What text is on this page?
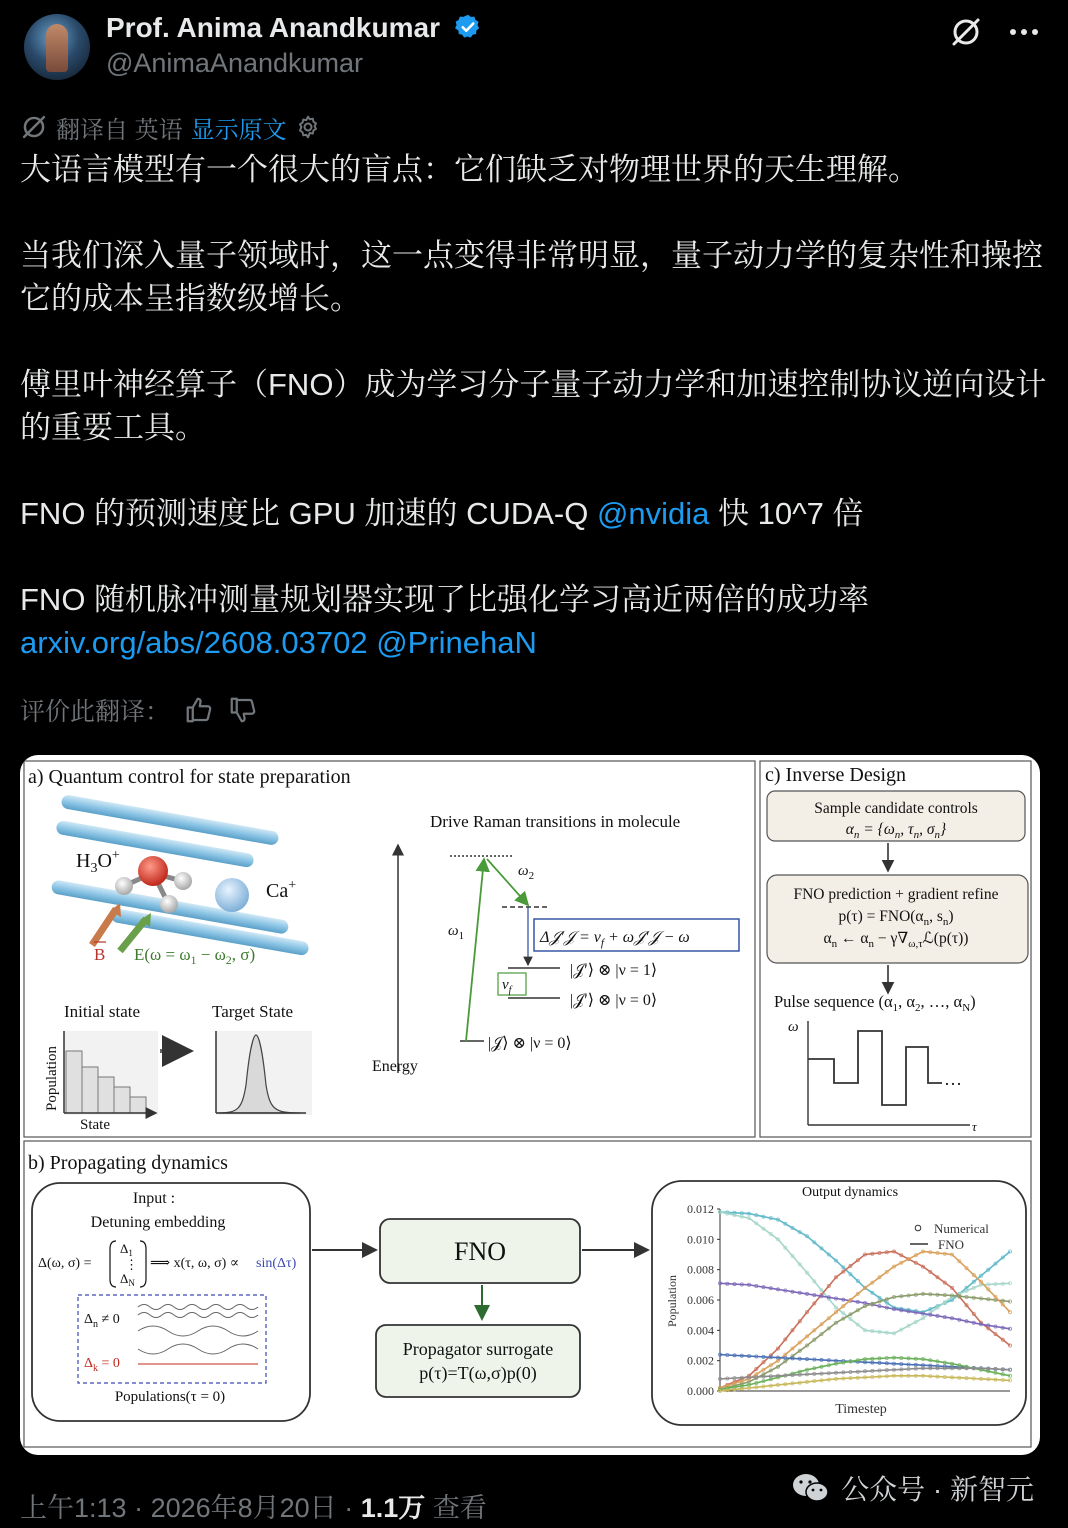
Prof. Anima Anandkumar
@AnimaAnandkumar
翻译自 英语 显示原文

大语言模型有一个很大的盲点：它们缺乏对物理世界的天生理解。

当我们深入量子领域时，这一点变得非常明显，量子动力学的复杂性和操控它的成本呈指数级增长。

傅里叶神经算子（FNO）成为学习分子量子动力学和加速控制协议逆向设计的重要工具。

FNO 的预测速度比 GPU 加速的 CUDA-Q @nvidia 快 10^7 倍

FNO 随机脉冲测量规划器实现了比强化学习高近两倍的成功率
arxiv.org/abs/2608.03702 @PrinehaN

评价此翻译：
a) Quantum control for state preparation
$H_3O^+$
Ca+
B $E(\omega = \omega_1 - \omega_2$, σ)
Initial state	Target State
Population
State
Drive Raman transitions in molecule
Energy
$\omega_1$
$\omega_2$
Δ𝒥′𝒥 = $\nu_f$ + ω𝒥′𝒥 − ω
$\nu_f$
|𝒥′⟩ ⊗ |ν = 1⟩
|𝒥′⟩ ⊗ |ν = 0⟩
|𝒥⟩ ⊗ |ν = 0⟩
c) Inverse Design
Sample candidate controls
$\alpha_n = \{\omega_n$, $\tau_n$, $\sigma_n$}
FNO prediction + gradient refine
$p(\tau) = FNO(\alpha_n$, $s_n$)
$\alpha_n$ ← $\alpha_n$ − $\gamma\nabla_{\omega,\tau}ℒ(p(\tau))$
Pulse sequence ($\alpha_1$, $\alpha_2$, …, $\alpha_N$)
ω
τ
…
b) Propagating dynamics
Input :
Detuning embedding
Δ(ω, σ) =
$\Delta_1$
⋮
$\Delta_N$
⟹ x(τ, ω, σ) ∝ sin(Δτ)
$\Delta_n \ne 0$
$\Delta_k = 0$
Populations(τ = 0)
FNO
Propagator surrogate
p(τ)=T(ω,σ)p(0)
Output dynamics
0.000
0.002
0.004
0.006
0.008
0.010
0.012
Population
Timestep
Numerical
FNO
上午1:13 · 2026年8月20日 · 1.1万 查看
公众号 · 新智元
